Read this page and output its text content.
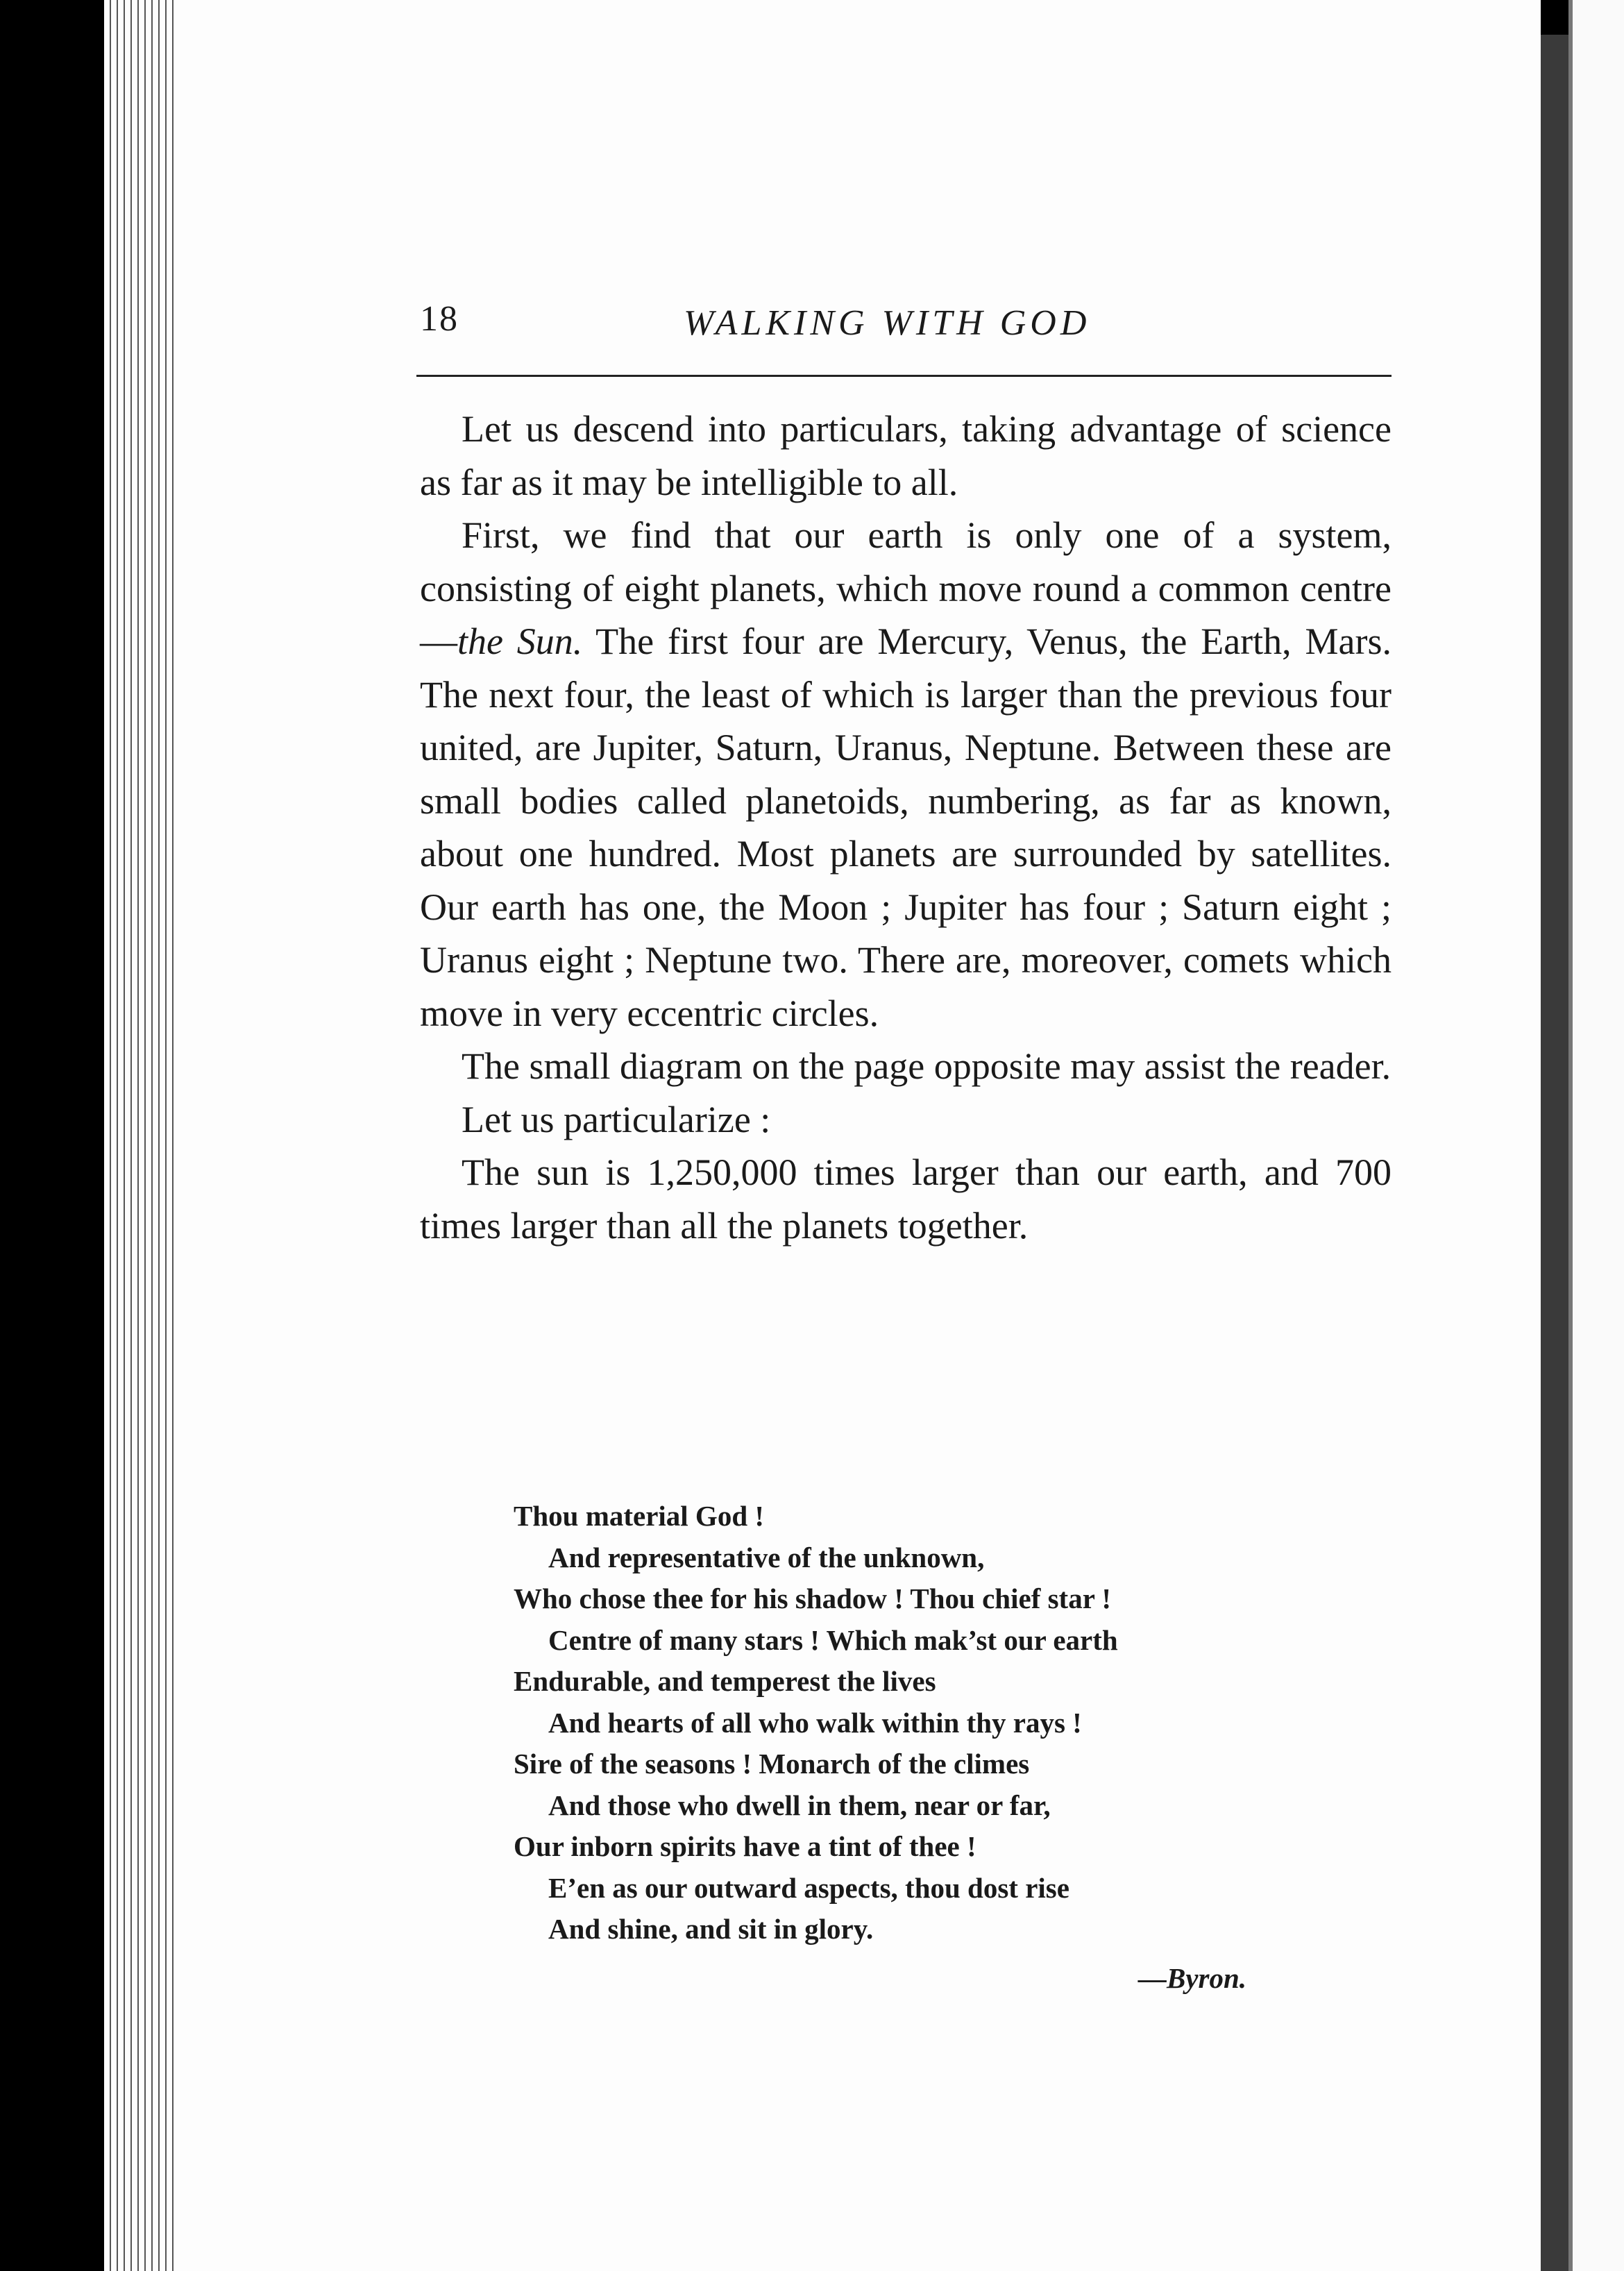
18	WALKING WITH GOD

Let us descend into particulars, taking advantage of science as far as it may be intelligible to all.

First, we find that our earth is only one of a system, consisting of eight planets, which move round a common centre—the Sun. The first four are Mercury, Venus, the Earth, Mars. The next four, the least of which is larger than the previous four united, are Jupiter, Saturn, Uranus, Neptune. Between these are small bodies called planetoids, numbering, as far as known, about one hundred. Most planets are surrounded by satellites. Our earth has one, the Moon ; Jupiter has four ; Saturn eight ; Uranus eight ; Neptune two. There are, moreover, comets which move in very eccentric circles.

The small diagram on the page opposite may assist the reader.

Let us particularize :

The sun is 1,250,000 times larger than our earth, and 700 times larger than all the planets together.

Thou material God !
And representative of the unknown,
Who chose thee for his shadow ! Thou chief star !
Centre of many stars ! Which mak’st our earth
Endurable, and temperest the lives
And hearts of all who walk within thy rays !
Sire of the seasons ! Monarch of the climes
And those who dwell in them, near or far,
Our inborn spirits have a tint of thee !
E’en as our outward aspects, thou dost rise
And shine, and sit in glory.
—Byron.
